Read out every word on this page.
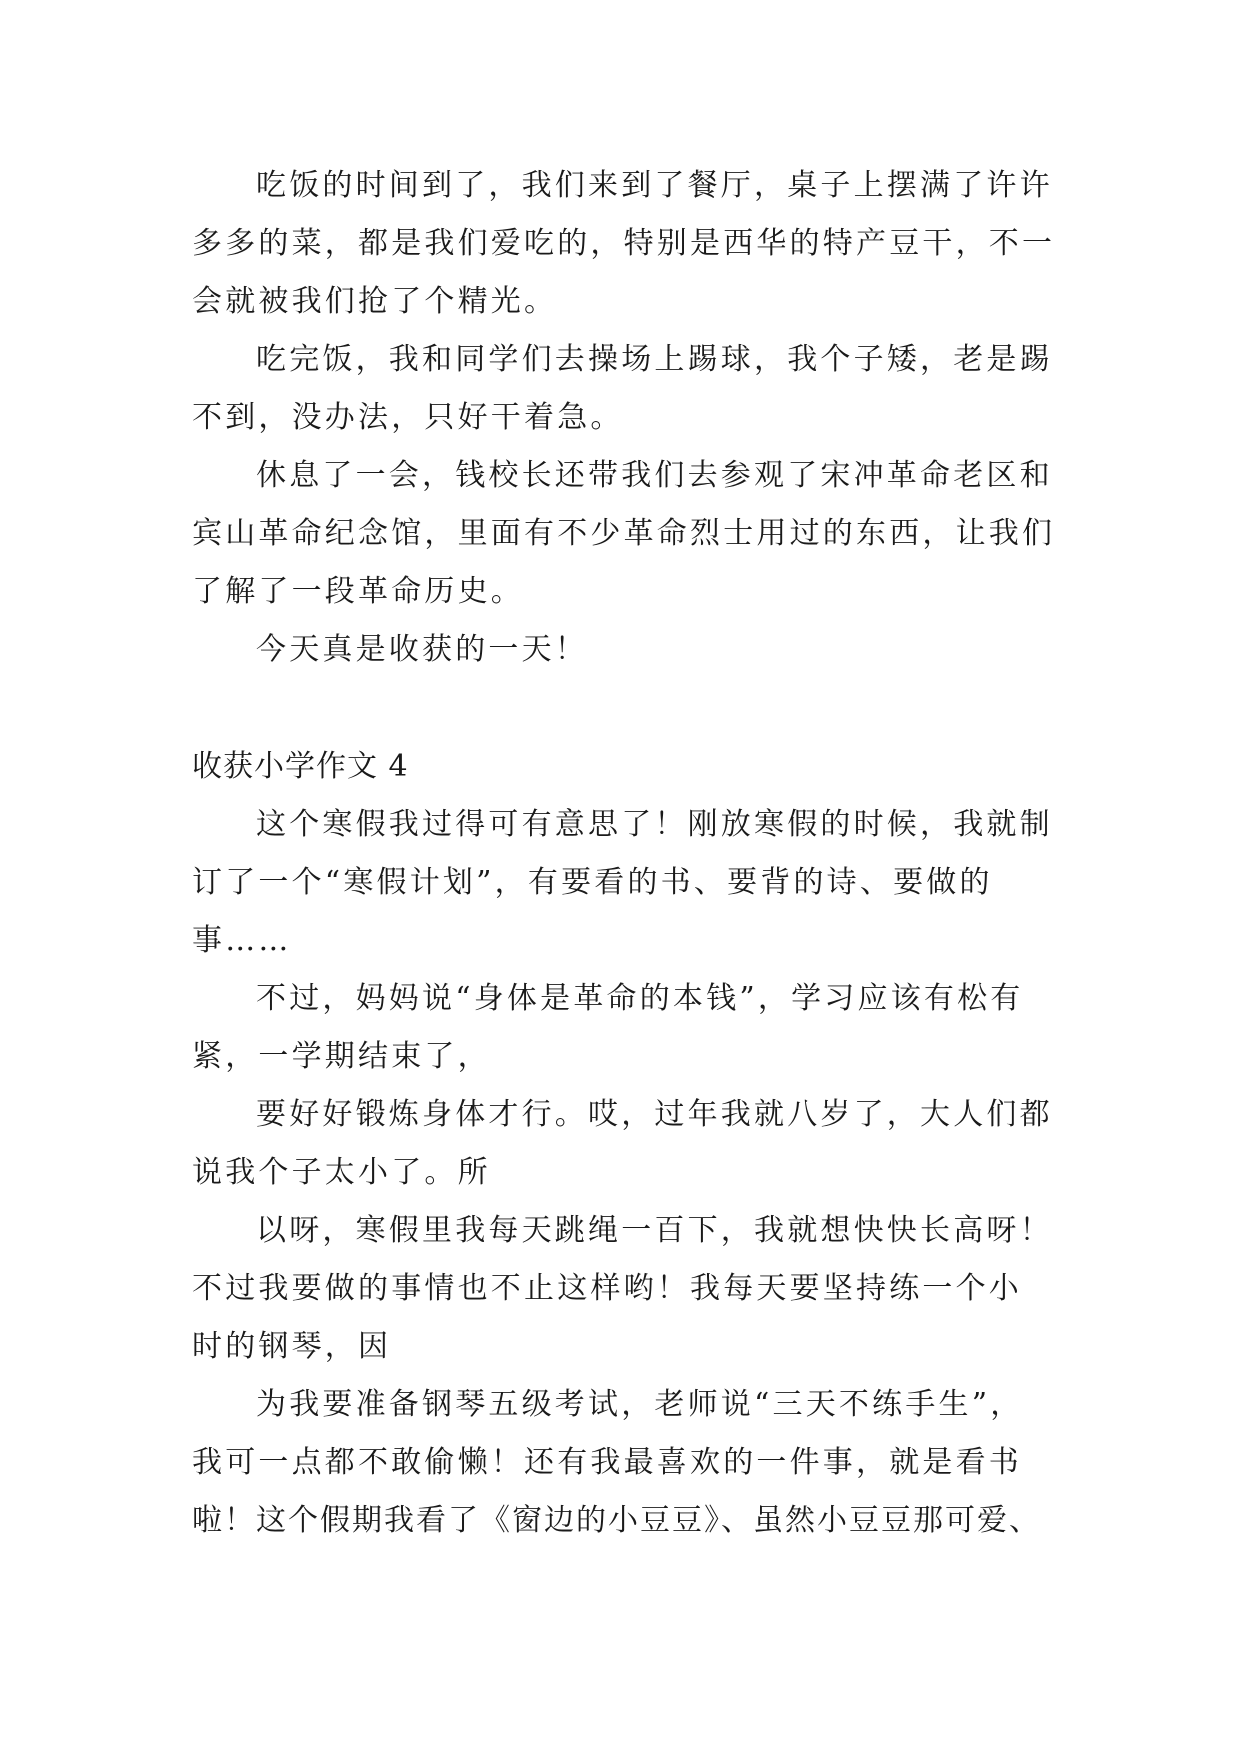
吃饭的时间到了，我们来到了餐厅，桌子上摆满了许许
多多的菜，都是我们爱吃的，特别是西华的特产豆干，不一
会就被我们抢了个精光。
吃完饭，我和同学们去操场上踢球，我个子矮，老是踢
不到，没办法，只好干着急。
休息了一会，钱校长还带我们去参观了宋冲革命老区和
宾山革命纪念馆，里面有不少革命烈士用过的东西，让我们
了解了一段革命历史。
今天真是收获的一天！
收获小学作文 4
这个寒假我过得可有意思了！刚放寒假的时候，我就制
订了一个“寒假计划”，有要看的书、要背的诗、要做的
事……
不过，妈妈说“身体是革命的本钱”，学习应该有松有
紧，一学期结束了，
要好好锻炼身体才行。哎，过年我就八岁了，大人们都
说我个子太小了。所
以呀，寒假里我每天跳绳一百下，我就想快快长高呀！
不过我要做的事情也不止这样哟！我每天要坚持练一个小
时的钢琴，因
为我要准备钢琴五级考试，老师说“三天不练手生”，
我可一点都不敢偷懒！还有我最喜欢的一件事，就是看书
啦！这个假期我看了《窗边的小豆豆》、虽然小豆豆那可爱、
